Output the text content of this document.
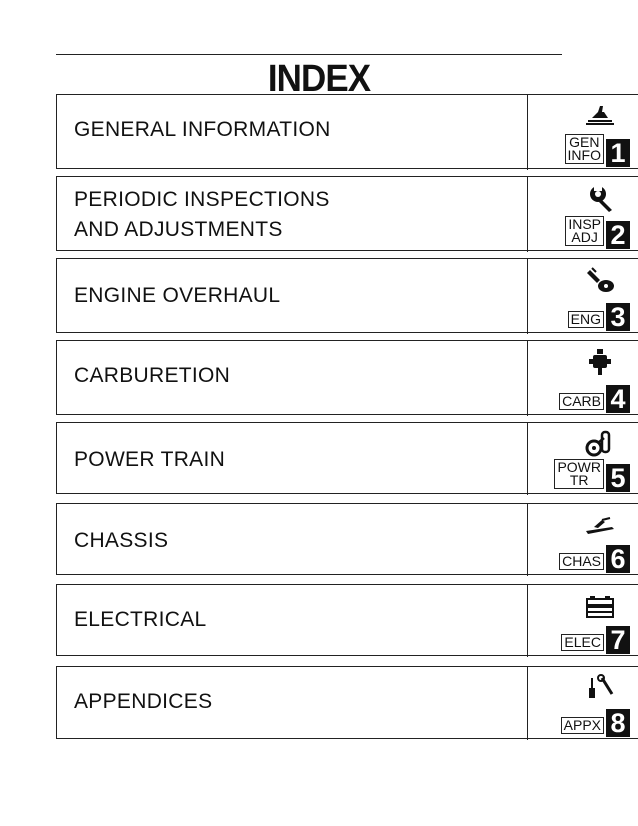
INDEX
GENERAL INFORMATION
GEN
INFO 1
PERIODIC INSPECTIONS
AND ADJUSTMENTS	INSP
ADJ 2
ENGINE OVERHAUL
ENG 3
CARBURETION
CARB 4
POWER TRAIN	POWR
TR 5
CHASSIS
CHAS 6
ELECTRICAL
ELEC 7
APPENDICES
APPX 8
